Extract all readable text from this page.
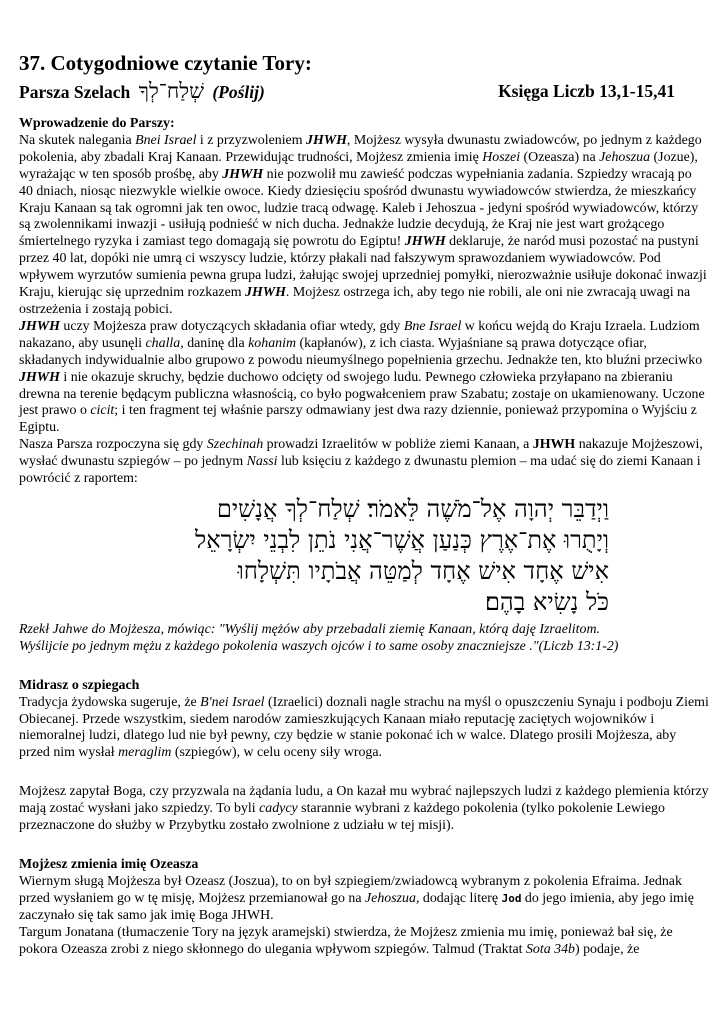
37. Cotygodniowe czytanie Tory:
Parsza Szelach שְׁלַח־לְךָ (Poślij)	Księga Liczb 13,1-15,41

Wprowadzenie do Parszy:

Na skutek nalegania Bnei Israel i z przyzwoleniem JHWH, Mojżesz wysyła dwunastu zwiadowców, po jednym z każdego pokolenia, aby zbadali Kraj Kanaan. Przewidując trudności, Mojżesz zmienia imię Hoszei (Ozeasza) na Jehoszua (Jozue), wyrażając w ten sposób prośbę, aby JHWH nie pozwolił mu zawieść podczas wypełniania zadania. Szpiedzy wracają po 40 dniach, niosąc niezwykle wielkie owoce. Kiedy dziesięciu spośród dwunastu wywiadowców stwierdza, że mieszkańcy Kraju Kanaan są tak ogromni jak ten owoc, ludzie tracą odwagę. Kaleb i Jehoszua - jedyni spośród wywiadowców, którzy są zwolennikami inwazji - usiłują podnieść w nich ducha. Jednakże ludzie decydują, że Kraj nie jest wart grożącego śmiertelnego ryzyka i zamiast tego domagają się powrotu do Egiptu! JHWH deklaruje, że naród musi pozostać na pustyni przez 40 lat, dopóki nie umrą ci wszyscy ludzie, którzy płakali nad fałszywym sprawozdaniem wywiadowców. Pod wpływem wyrzutów sumienia pewna grupa ludzi, żałując swojej uprzedniej pomyłki, nierozważnie usiłuje dokonać inwazji Kraju, kierując się uprzednim rozkazem JHWH. Mojżesz ostrzega ich, aby tego nie robili, ale oni nie zwracają uwagi na ostrzeżenia i zostają pobici.

JHWH uczy Mojżesza praw dotyczących składania ofiar wtedy, gdy Bne Israel w końcu wejdą do Kraju Izraela. Ludziom nakazano, aby usunęli challa, daninę dla kohanim (kapłanów), z ich ciasta. Wyjaśniane są prawa dotyczące ofiar, składanych indywidualnie albo grupowo z powodu nieumyślnego popełnienia grzechu. Jednakże ten, kto bluźni przeciwko JHWH i nie okazuje skruchy, będzie duchowo odcięty od swojego ludu. Pewnego człowieka przyłapano na zbieraniu drewna na terenie będącym publiczna własnością, co było pogwałceniem praw Szabatu; zostaje on ukamienowany. Uczone jest prawo o cicit; i ten fragment tej właśnie parszy odmawiany jest dwa razy dziennie, ponieważ przypomina o Wyjściu z Egiptu.

Nasza Parsza rozpoczyna się gdy Szechinah prowadzi Izraelitów w pobliże ziemi Kanaan, a JHWH nakazuje Mojżeszowi, wysłać dwunastu szpiegów – po jednym Nassi lub księciu z każdego z dwunastu plemion – ma udać się do ziemi Kanaan i powrócić z raportem:

וַיְדַבֵּר יְהוָה אֶל־מֹשֶׁה לֵּאמֹר׃ שְׁלַח־לְךָ אֲנָשִׁים
וְיָתֻרוּ אֶת־אֶרֶץ כְּנַעַן אֲשֶׁר־אֲנִי נֹתֵן לִבְנֵי יִשְׂרָאֵל
אִישׁ אֶחָד אִישׁ אֶחָד לְמַטֵּה אֲבֹתָיו תִּשְׁלָחוּ
כֹּל נָשִׂיא בָהֶם׃

Rzekł Jahwe do Mojżesza, mówiąc: "Wyślij mężów aby przebadali ziemię Kanaan, którą daję Izraelitom.

Wyślijcie po jednym mężu z każdego pokolenia waszych ojców i to same osoby znaczniejsze ."(Liczb 13:1-2)

Midrasz o szpiegach

Tradycja żydowska sugeruje, że B'nei Israel (Izraelici) doznali nagle strachu na myśl o opuszczeniu Synaju i podboju Ziemi Obiecanej. Przede wszystkim, siedem narodów zamieszkujących Kanaan miało reputację zaciętych wojowników i niemoralnej ludzi, dlatego lud nie był pewny, czy będzie w stanie pokonać ich w walce. Dlatego prosili Mojżesza, aby przed nim wysłał meraglim (szpiegów), w celu oceny siły wroga.

Mojżesz zapytał Boga, czy przyzwala na żądania ludu, a On kazał mu wybrać najlepszych ludzi z każdego plemienia którzy mają zostać wysłani jako szpiedzy. To byli cadycy starannie wybrani z każdego pokolenia (tylko pokolenie Lewiego przeznaczone do służby w Przybytku zostało zwolnione z udziału w tej misji).

Mojżesz zmienia imię Ozeasza

Wiernym sługą Mojżesza był Ozeasz (Joszua), to on był szpiegiem/zwiadowcą wybranym z pokolenia Efraima. Jednak przed wysłaniem go w tę misję, Mojżesz przemianował go na Jehoszua, dodając literę Jod do jego imienia, aby jego imię zaczynało się tak samo jak imię Boga JHWH.

Targum Jonatana (tłumaczenie Tory na język aramejski) stwierdza, że Mojżesz zmienia mu imię, ponieważ bał się, że pokora Ozeasza zrobi z niego skłonnego do ulegania wpływom szpiegów. Talmud (Traktat Sota 34b) podaje, że
